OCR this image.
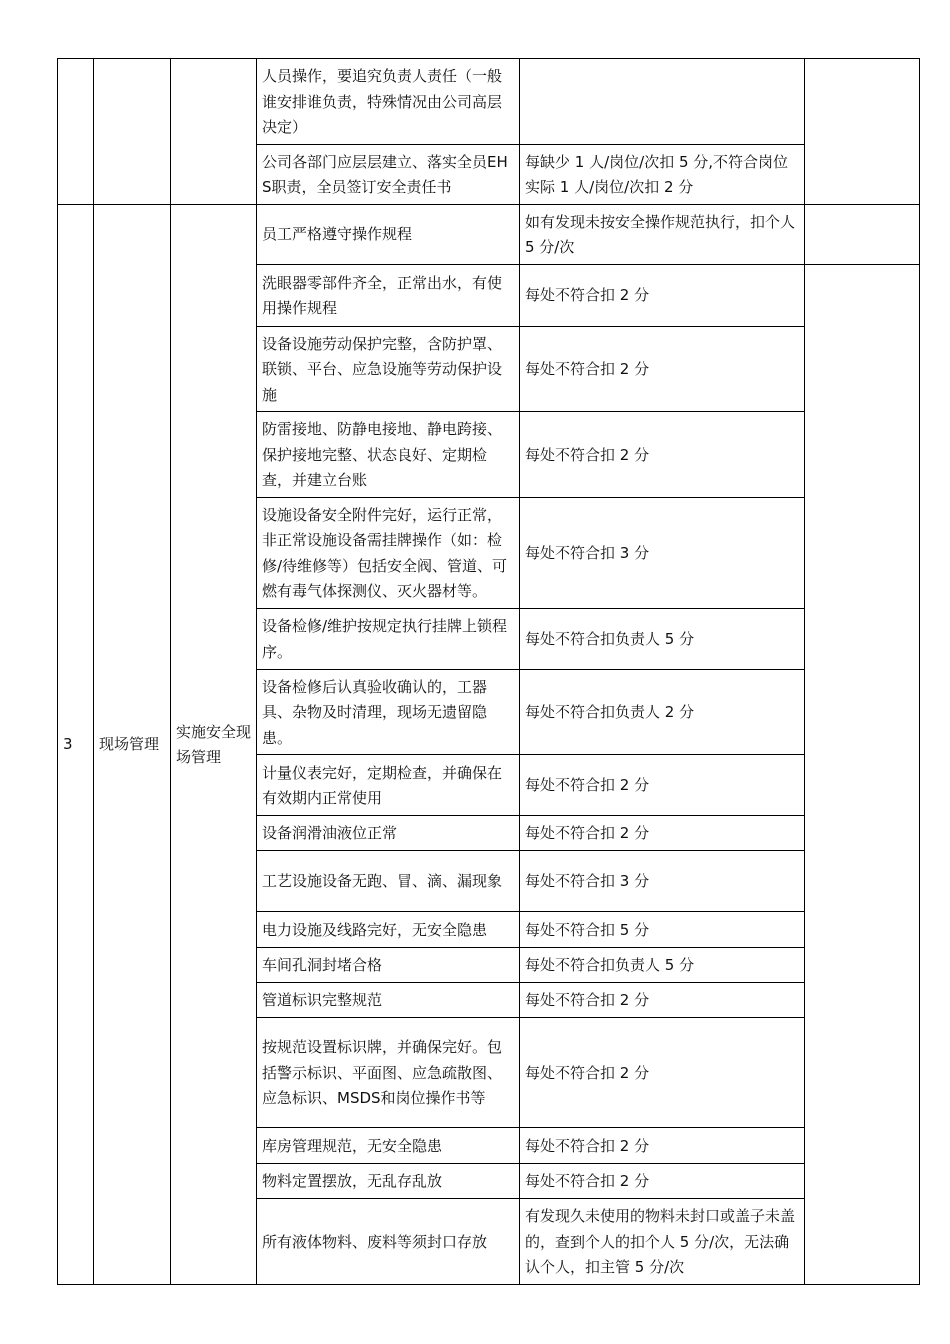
			人员操作，要追究负责人责任（一般谁安排谁负责，特殊情况由公司高层决定）		
			公司各部门应层层建立、落实全员EHS职责，全员签订安全责任书	每缺少 1 人/岗位/次扣 5 分,不符合岗位实际 1 人/岗位/次扣 2 分	
3	现场管理	实施安全现场管理	员工严格遵守操作规程	如有发现未按安全操作规范执行，扣个人 5 分/次	
			洗眼器零部件齐全，正常出水，有使用操作规程	每处不符合扣 2 分	
			设备设施劳动保护完整，含防护罩、联锁、平台、应急设施等劳动保护设施	每处不符合扣 2 分	
			防雷接地、防静电接地、静电跨接、保护接地完整、状态良好、定期检查，并建立台账	每处不符合扣 2 分	
			设施设备安全附件完好，运行正常，非正常设施设备需挂牌操作（如：检修/待维修等）包括安全阀、管道、可燃有毒气体探测仪、灭火器材等。	每处不符合扣 3 分	
			设备检修/维护按规定执行挂牌上锁程序。	每处不符合扣负责人 5 分	
			设备检修后认真验收确认的，工器具、杂物及时清理，现场无遗留隐患。	每处不符合扣负责人 2 分	
			计量仪表完好，定期检查，并确保在有效期内正常使用	每处不符合扣 2 分	
			设备润滑油液位正常	每处不符合扣 2 分	
			工艺设施设备无跑、冒、滴、漏现象	每处不符合扣 3 分	
			电力设施及线路完好，无安全隐患	每处不符合扣 5 分	
			车间孔洞封堵合格	每处不符合扣负责人 5 分	
			管道标识完整规范	每处不符合扣 2 分	
			按规范设置标识牌，并确保完好。包括警示标识、平面图、应急疏散图、应急标识、MSDS和岗位操作书等	每处不符合扣 2 分	
			库房管理规范，无安全隐患	每处不符合扣 2 分	
			物料定置摆放，无乱存乱放	每处不符合扣 2 分	
			所有液体物料、废料等须封口存放	有发现久未使用的物料未封口或盖子未盖的，查到个人的扣个人 5 分/次，无法确认个人，扣主管 5 分/次	
